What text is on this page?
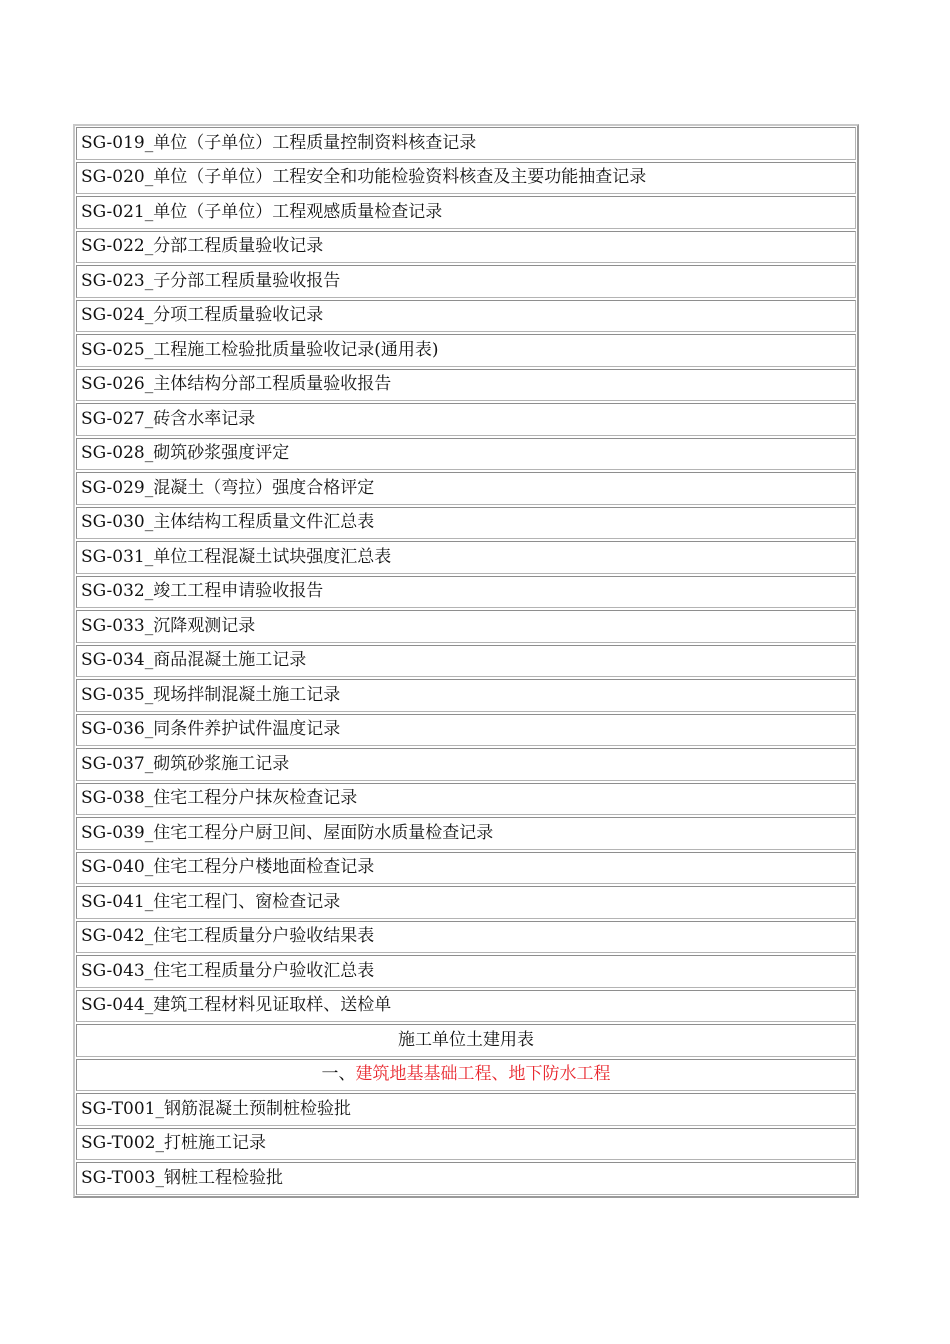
SG-019_单位（子单位）工程质量控制资料核查记录
SG-020_单位（子单位）工程安全和功能检验资料核查及主要功能抽查记录
SG-021_单位（子单位）工程观感质量检查记录
SG-022_分部工程质量验收记录
SG-023_子分部工程质量验收报告
SG-024_分项工程质量验收记录
SG-025_工程施工检验批质量验收记录(通用表)
SG-026_主体结构分部工程质量验收报告
SG-027_砖含水率记录
SG-028_砌筑砂浆强度评定
SG-029_混凝土（弯拉）强度合格评定
SG-030_主体结构工程质量文件汇总表
SG-031_单位工程混凝土试块强度汇总表
SG-032_竣工工程申请验收报告
SG-033_沉降观测记录
SG-034_商品混凝土施工记录
SG-035_现场拌制混凝土施工记录
SG-036_同条件养护试件温度记录
SG-037_砌筑砂浆施工记录
SG-038_住宅工程分户抹灰检查记录
SG-039_住宅工程分户厨卫间、屋面防水质量检查记录
SG-040_住宅工程分户楼地面检查记录
SG-041_住宅工程门、窗检查记录
SG-042_住宅工程质量分户验收结果表
SG-043_住宅工程质量分户验收汇总表
SG-044_建筑工程材料见证取样、送检单
施工单位土建用表
一、 建筑地基基础工程、地下防水工程
SG-T001_钢筋混凝土预制桩检验批
SG-T002_打桩施工记录
SG-T003_钢桩工程检验批
